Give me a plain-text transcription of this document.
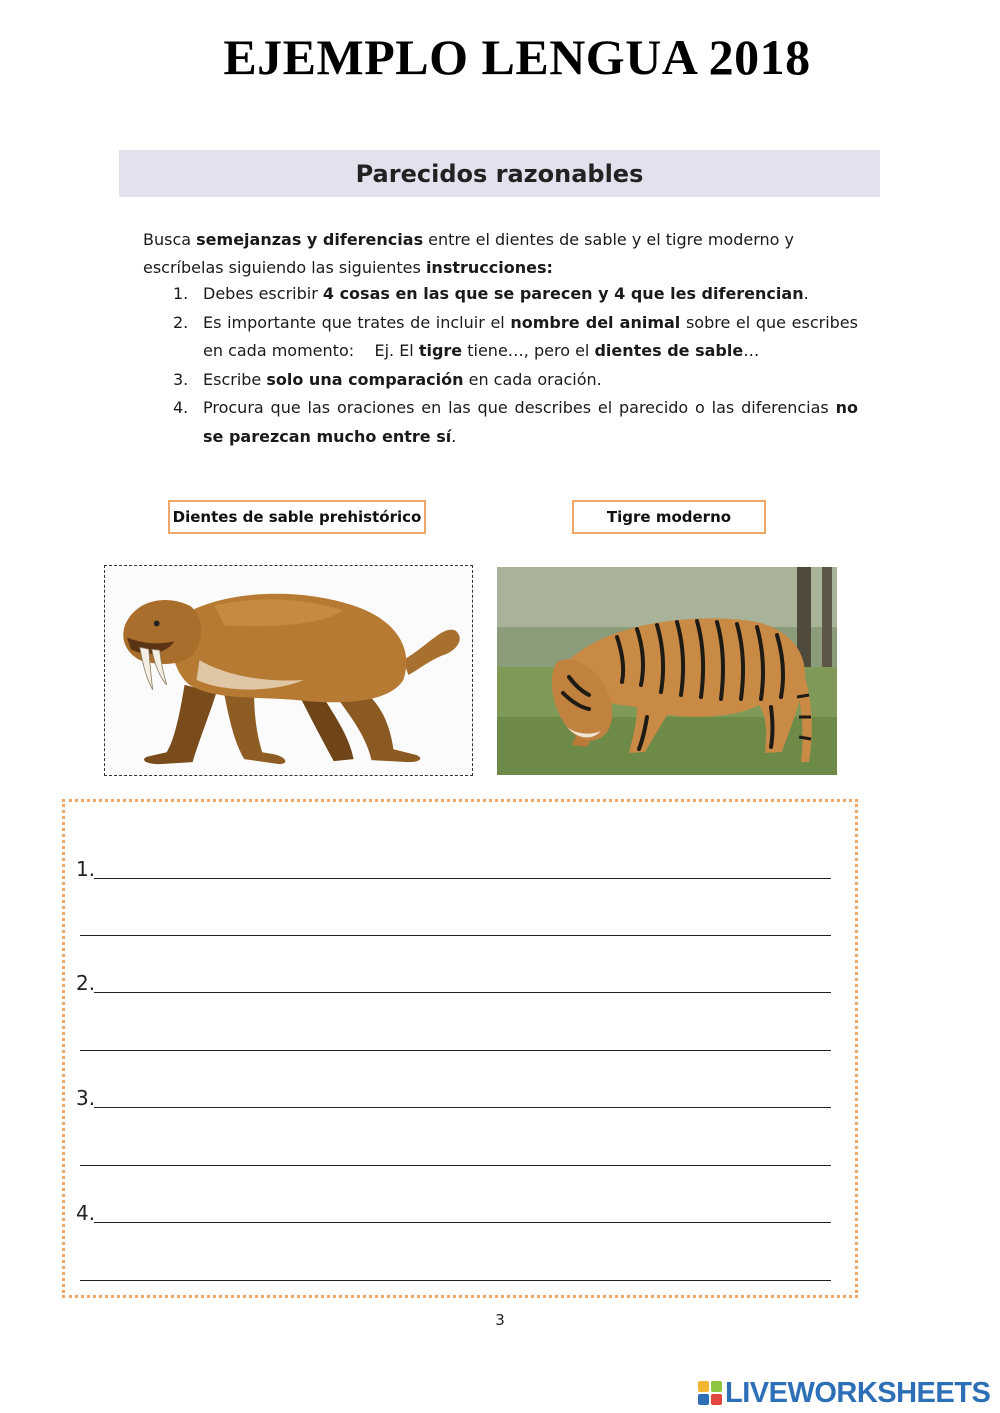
EJEMPLO LENGUA 2018
Parecidos razonables

Busca semejanzas y diferencias entre el dientes de sable y el tigre moderno y escríbelas siguiendo las siguientes instrucciones:

1. Debes escribir 4 cosas en las que se parecen y 4 que les diferencian.
2. Es importante que trates de incluir el nombre del animal sobre el que escribes en cada momento:    Ej. El tigre tiene…, pero el dientes de sable…
3. Escribe solo una comparación en cada oración.
4. Procura que las oraciones en las que describes el parecido o las diferencias no se parezcan mucho entre sí.
Dientes de sable prehistórico	Tigre moderno
1.
2.
3.
4.
3
LIVEWORKSHEETS
